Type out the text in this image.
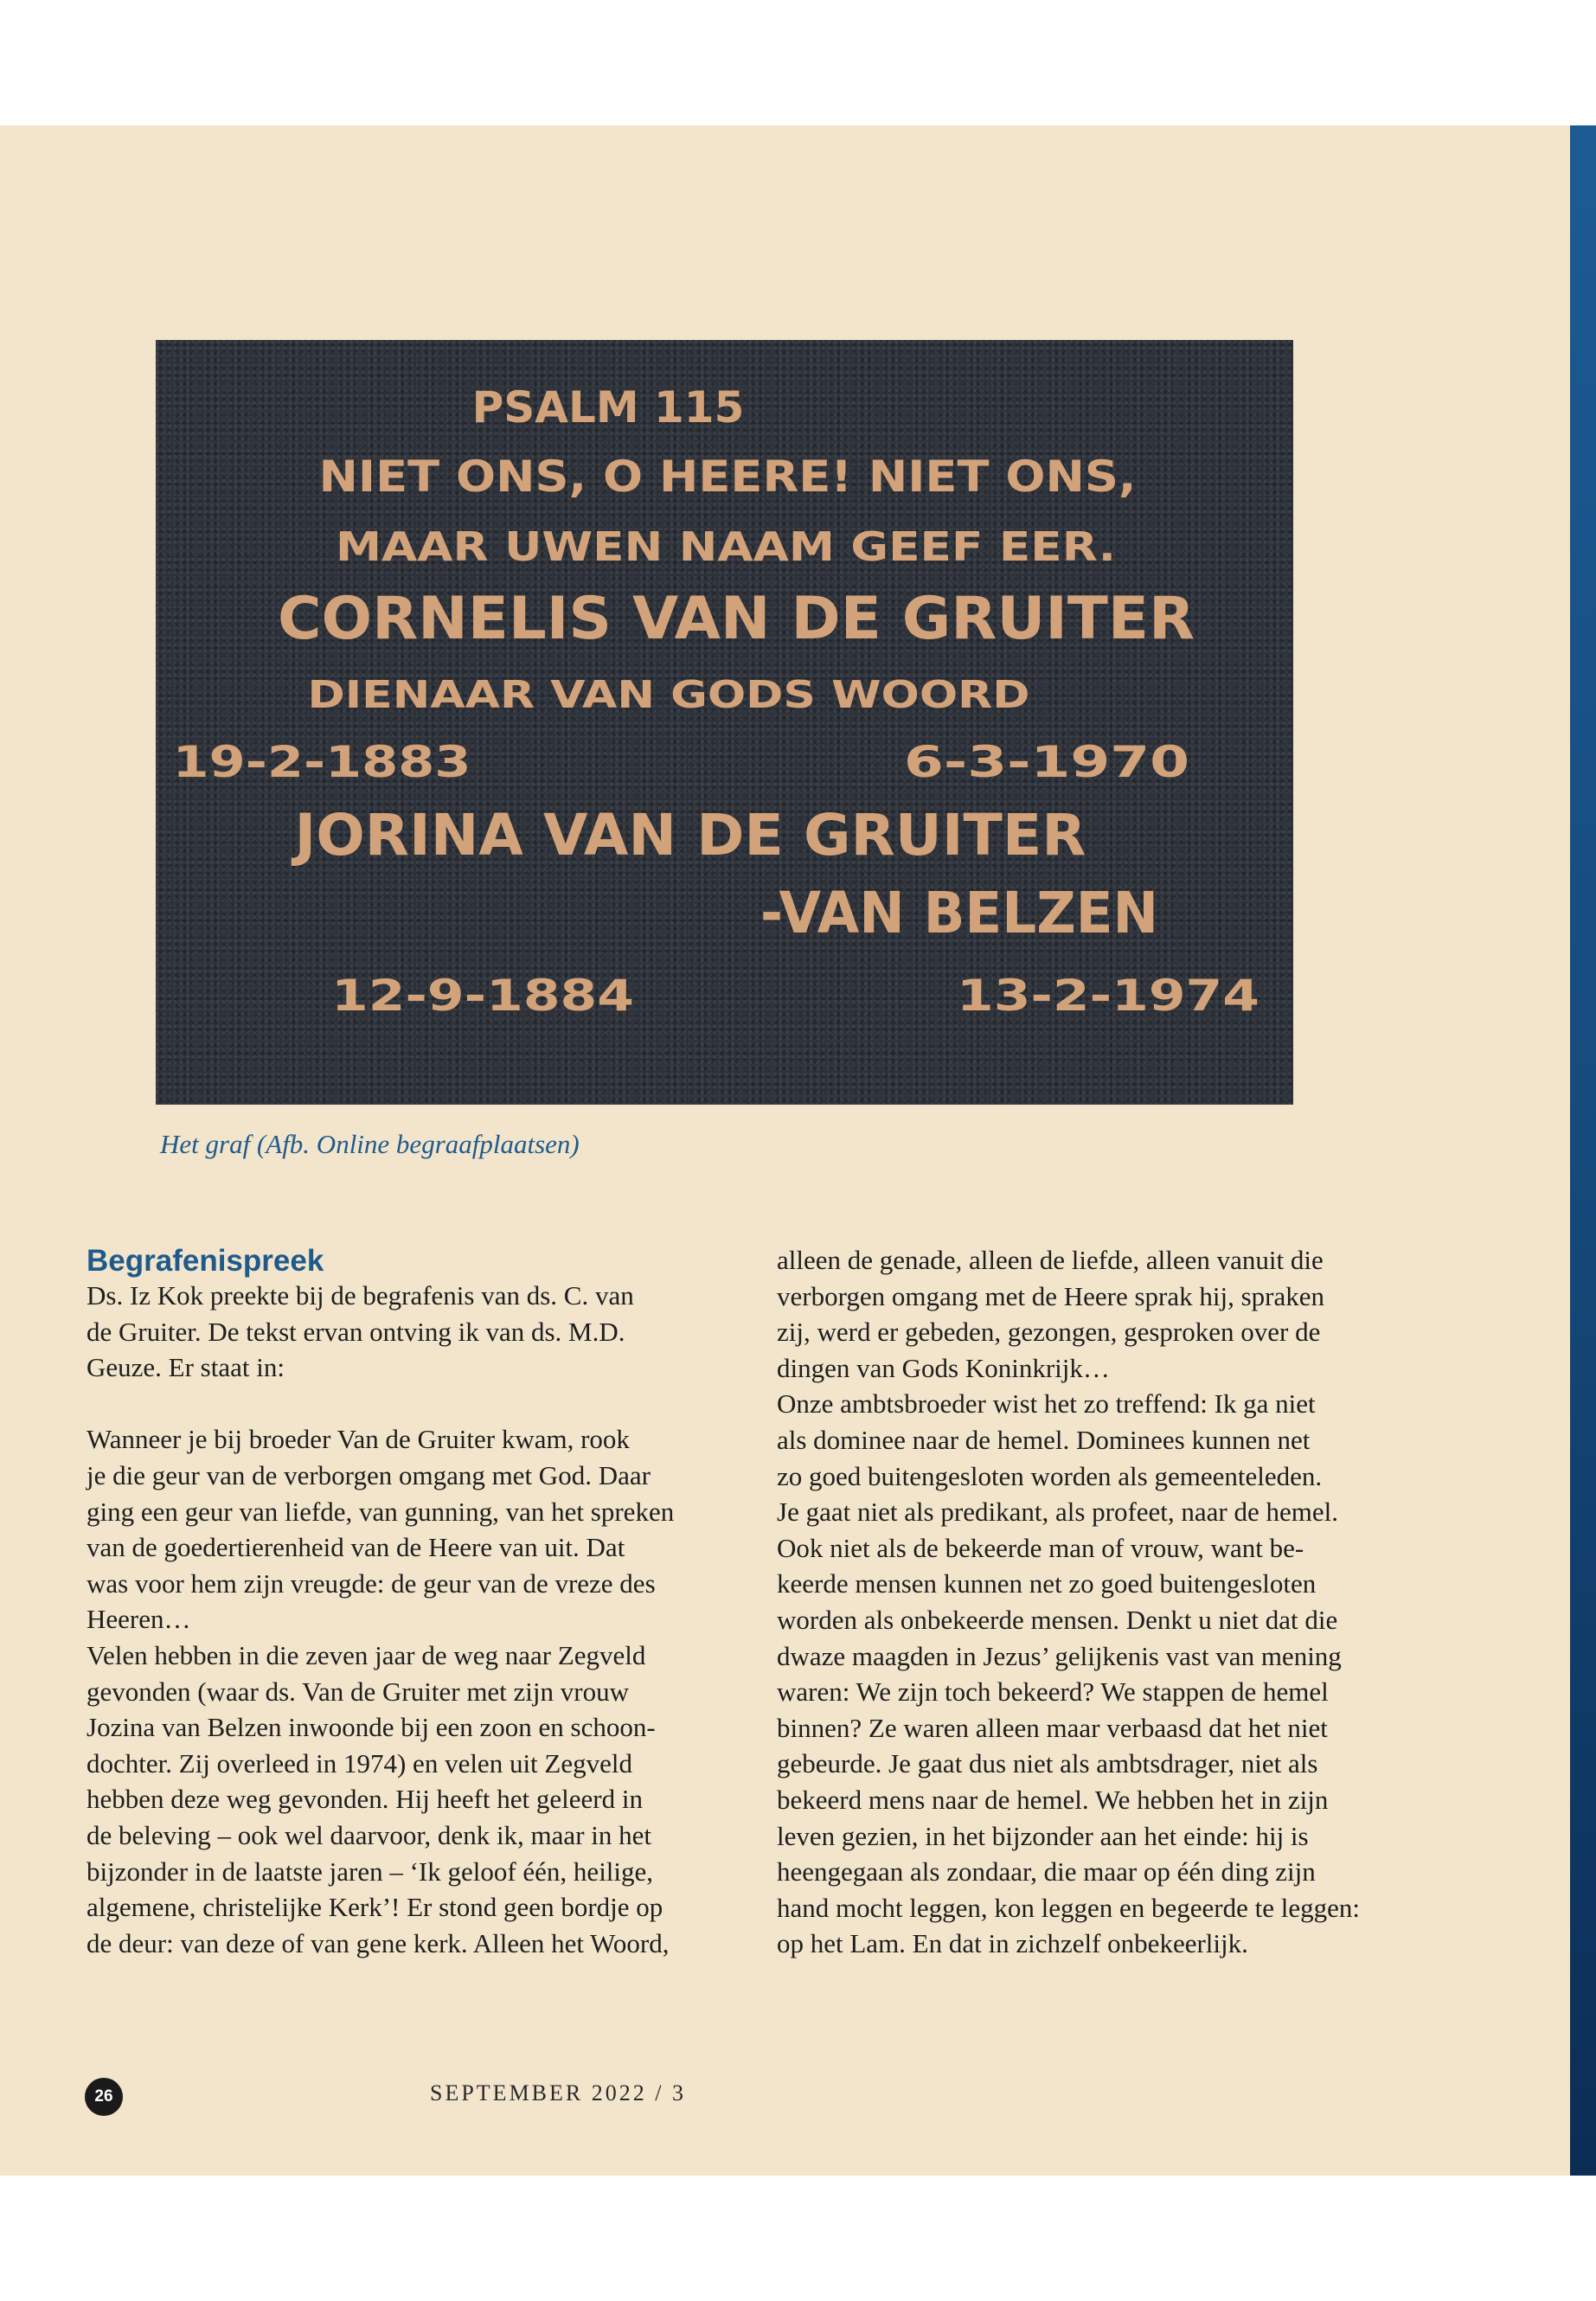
PSALM 115
NIET ONS, O HEERE! NIET ONS,
MAAR UWEN NAAM GEEF EER.
CORNELIS VAN DE GRUITER
DIENAAR VAN GODS WOORD
19-2-1883	6-3-1970
JORINA VAN DE GRUITER
-VAN BELZEN
12-9-1884	13-2-1974
Het graf (Afb. Online begraafplaatsen)
Begrafenispreek

Ds. Iz Kok preekte bij de begrafenis van ds. C. van

de Gruiter. De tekst ervan ontving ik van ds. M.D.

Geuze. Er staat in:

Wanneer je bij broeder Van de Gruiter kwam, rook

je die geur van de verborgen omgang met God. Daar

ging een geur van liefde, van gunning, van het spreken

van de goedertierenheid van de Heere van uit. Dat

was voor hem zijn vreugde: de geur van de vreze des

Heeren…

Velen hebben in die zeven jaar de weg naar Zegveld

gevonden (waar ds. Van de Gruiter met zijn vrouw

Jozina van Belzen inwoonde bij een zoon en schoon-

dochter. Zij overleed in 1974) en velen uit Zegveld

hebben deze weg gevonden. Hij heeft het geleerd in

de beleving – ook wel daarvoor, denk ik, maar in het

bijzonder in de laatste jaren – ‘Ik geloof één, heilige,

algemene, christelijke Kerk’! Er stond geen bordje op

de deur: van deze of van gene kerk. Alleen het Woord,

alleen de genade, alleen de liefde, alleen vanuit die

verborgen omgang met de Heere sprak hij, spraken

zij, werd er gebeden, gezongen, gesproken over de

dingen van Gods Koninkrijk…

Onze ambtsbroeder wist het zo treffend: Ik ga niet

als dominee naar de hemel. Dominees kunnen net

zo goed buitengesloten worden als gemeenteleden.

Je gaat niet als predikant, als profeet, naar de hemel.

Ook niet als de bekeerde man of vrouw, want be-

keerde mensen kunnen net zo goed buitengesloten

worden als onbekeerde mensen. Denkt u niet dat die

dwaze maagden in Jezus’ gelijkenis vast van mening

waren: We zijn toch bekeerd? We stappen de hemel

binnen? Ze waren alleen maar verbaasd dat het niet

gebeurde. Je gaat dus niet als ambtsdrager, niet als

bekeerd mens naar de hemel. We hebben het in zijn

leven gezien, in het bijzonder aan het einde: hij is

heengegaan als zondaar, die maar op één ding zijn

hand mocht leggen, kon leggen en begeerde te leggen:

op het Lam. En dat in zichzelf onbekeerlijk.

26	SEPTEMBER 2022 / 3
